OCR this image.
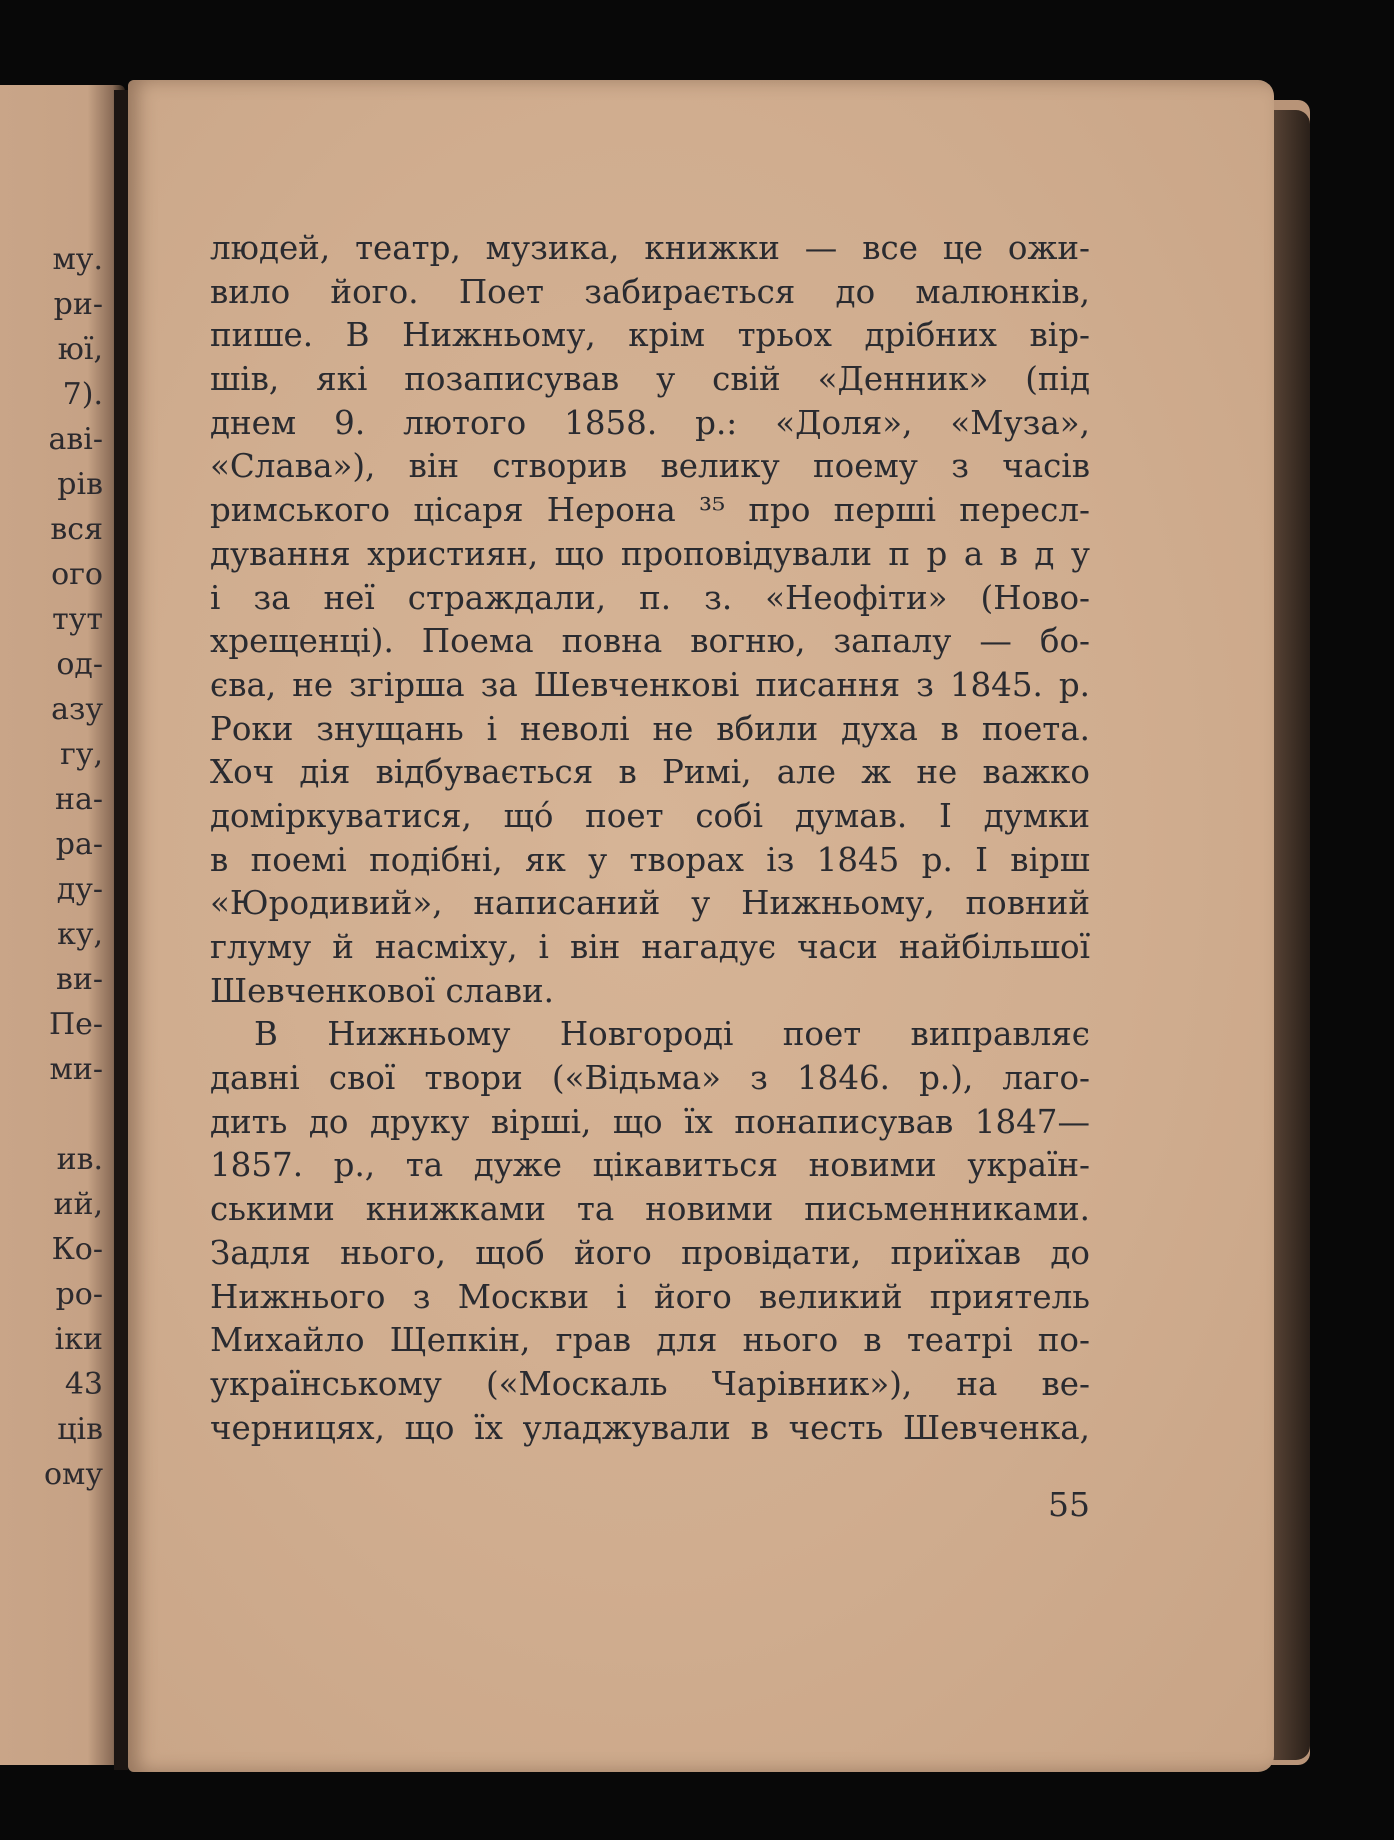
му.

ри-

юї,

7).

аві-

рів

вся

ого

тут

од-

азу

гу,

на-

ра-

ду-

ку,

ви-

Пе-

ми-

ив.

ий,

Ко-

ро-

іки

43

ців

ому

людей, театр, музика, книжки — все це ожи-

вило його. Поет забирається до малюнків,

пише. В Нижньому, крім трьох дрібних вір-

шів, які позаписував у свій «Денник» (під

днем 9. лютого 1858. р.: «Доля», «Муза»,

«Слава»), він створив велику поему з часів

римського цісаря Нерона ³⁵ про перші пересл-

дування християн, що проповідували п р а в д у

і за неї страждали, п. з. «Неофіти» (Ново-

хрещенці). Поема повна вогню, запалу — бо-

єва, не згірша за Шевченкові писання з 1845. р.

Роки знущань і неволі не вбили духа в поета.

Хоч дія відбувається в Римі, але ж не важко

доміркуватися, щó поет собі думав. І думки

в поемі подібні, як у творах із 1845 р. І вірш

«Юродивий», написаний у Нижньому, повний

глуму й насміху, і він нагадує часи найбільшої

Шевченкової слави.

В Нижньому Новгороді поет виправляє

давні свої твори («Відьма» з 1846. р.), лаго-

дить до друку вірші, що їх понаписував 1847—

1857. р., та дуже цікавиться новими україн-

ськими книжками та новими письменниками.

Задля нього, щоб його провідати, приїхав до

Нижнього з Москви і його великий приятель

Михайло Щепкін, грав для нього в театрі по-

українському («Москаль Чарівник»), на ве-

черницях, що їх уладжували в честь Шевченка,

55
